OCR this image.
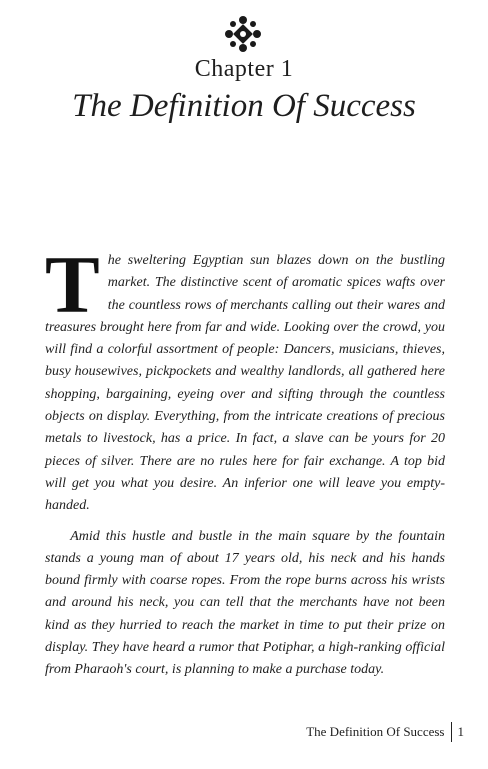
Chapter 1
The Definition Of Success

The sweltering Egyptian sun blazes down on the bustling market. The distinctive scent of aromatic spices wafts over the countless rows of merchants calling out their wares and treasures brought here from far and wide. Looking over the crowd, you will find a colorful assortment of people: Dancers, musicians, thieves, busy housewives, pickpockets and wealthy landlords, all gathered here shopping, bargaining, eyeing over and sifting through the countless objects on display. Everything, from the intricate creations of precious metals to livestock, has a price. In fact, a slave can be yours for 20 pieces of silver. There are no rules here for fair exchange. A top bid will get you what you desire. An inferior one will leave you empty-handed.

Amid this hustle and bustle in the main square by the fountain stands a young man of about 17 years old, his neck and his hands bound firmly with coarse ropes. From the rope burns across his wrists and around his neck, you can tell that the merchants have not been kind as they hurried to reach the market in time to put their prize on display. They have heard a rumor that Potiphar, a high-ranking official from Pharaoh's court, is planning to make a purchase today.

The Definition Of Success 1
